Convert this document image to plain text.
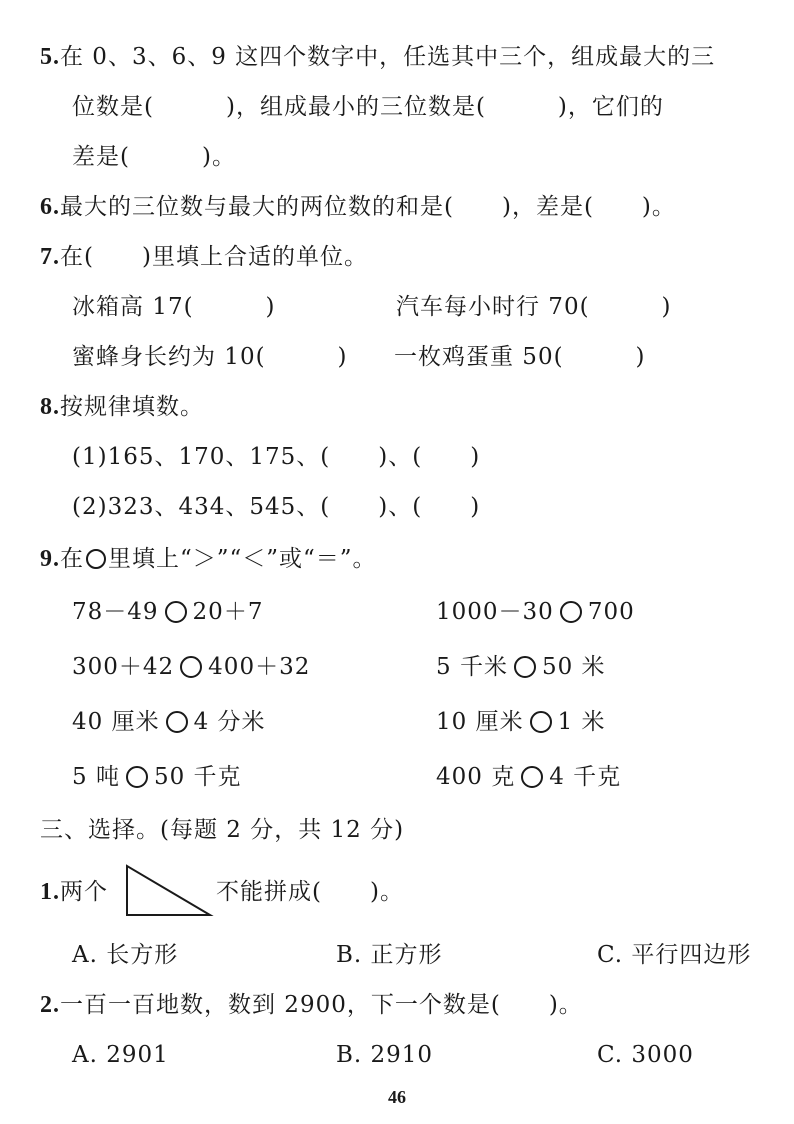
5.在 0、3、6、9 这四个数字中，任选其中三个，组成最大的三
位数是(　　　)，组成最小的三位数是(　　　)，它们的
差是(　　　)。
6.最大的三位数与最大的两位数的和是(　　)，差是(　　)。
7.在(　　)里填上合适的单位。
冰箱高 17(　　　)	汽车每小时行 70(　　　)
蜜蜂身长约为 10(　　　) 一枚鸡蛋重 50(　　　)
8.按规律填数。
(1)165、170、175、(　　)、(　　)
(2)323、434、545、(　　)、(　　)
9.在 里填上“＞”“＜”或“＝”。
78－49 20＋7	1000－30 700
300＋42 400＋32	5 千米 50 米
40 厘米 4 分米	10 厘米 1 米
5 吨 50 千克	400 克 4 千克
三、选择。(每题 2 分，共 12 分)
1.两个	不能拼成(　　)。
A. 长方形	B. 正方形	C. 平行四边形
2.一百一百地数，数到 2900，下一个数是(　　)。
A. 2901	B. 2910	C. 3000
46
